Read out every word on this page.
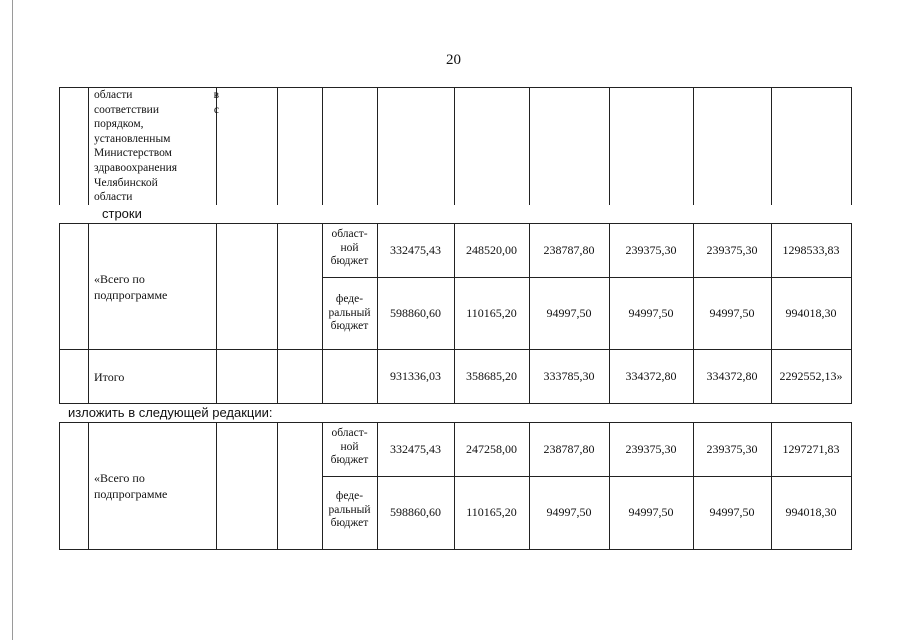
20
области	в
соответствии	с
порядком,
установленным
Министерством
здравоохранения
Челябинской
области
строки
«Всего по подпрограмме
област-
ной
бюджет
332475,43	248520,00	238787,80	239375,30	239375,30	1298533,83
феде-
ральный
бюджет
598860,60	110165,20	94997,50	94997,50	94997,50	994018,30
Итого	931336,03	358685,20	333785,30	334372,80	334372,80	2292552,13»
изложить в следующей редакции:
«Всего по подпрограмме
област-
ной
бюджет
332475,43	247258,00	238787,80	239375,30	239375,30	1297271,83
феде-
ральный
бюджет
598860,60	110165,20	94997,50	94997,50	94997,50	994018,30
